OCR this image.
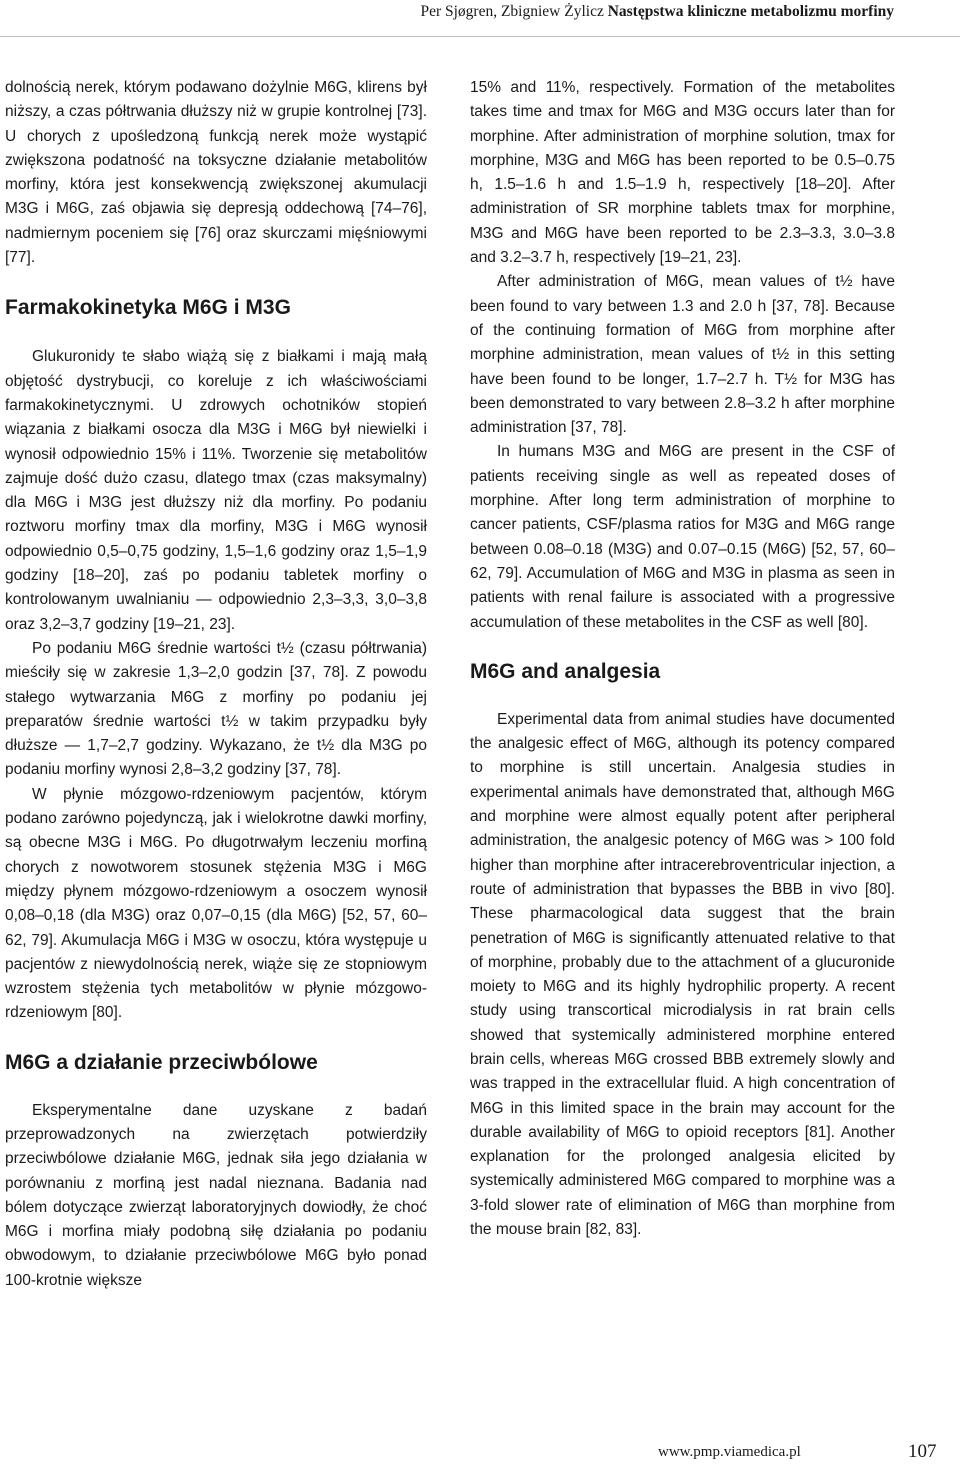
Per Sjøgren, Zbigniew Żylicz Następstwa kliniczne metabolizmu morfiny

dolnością nerek, którym podawano dożylnie M6G, klirens był niższy, a czas półtrwania dłuższy niż w grupie kontrolnej [73]. U chorych z upośledzoną funkcją nerek może wystąpić zwiększona podatność na toksyczne działanie metabolitów morfiny, która jest konsekwencją zwiększonej akumulacji M3G i M6G, zaś objawia się depresją oddechową [74–76], nadmiernym poceniem się [76] oraz skurczami mięśniowymi [77].

Farmakokinetyka M6G i M3G

Glukuronidy te słabo wiążą się z białkami i mają małą objętość dystrybucji, co koreluje z ich właściwościami farmakokinetycznymi. U zdrowych ochotników stopień wiązania z białkami osocza dla M3G i M6G był niewielki i wynosił odpowiednio 15% i 11%. Tworzenie się metabolitów zajmuje dość dużo czasu, dlatego tmax (czas maksymalny) dla M6G i M3G jest dłuższy niż dla morfiny. Po podaniu roztworu morfiny tmax dla morfiny, M3G i M6G wynosił odpowiednio 0,5–0,75 godziny, 1,5–1,6 godziny oraz 1,5–1,9 godziny [18–20], zaś po podaniu tabletek morfiny o kontrolowanym uwalnianiu — odpowiednio 2,3–3,3, 3,0–3,8 oraz 3,2–3,7 godziny [19–21, 23].

Po podaniu M6G średnie wartości t½ (czasu półtrwania) mieściły się w zakresie 1,3–2,0 godzin [37, 78]. Z powodu stałego wytwarzania M6G z morfiny po podaniu jej preparatów średnie wartości t½ w takim przypadku były dłuższe — 1,7–2,7 godziny. Wykazano, że t½ dla M3G po podaniu morfiny wynosi 2,8–3,2 godziny [37, 78].

W płynie mózgowo-rdzeniowym pacjentów, którym podano zarówno pojedynczą, jak i wielokrotne dawki morfiny, są obecne M3G i M6G. Po długotrwałym leczeniu morfiną chorych z nowotworem stosunek stężenia M3G i M6G między płynem mózgowo-rdzeniowym a osoczem wynosił 0,08–0,18 (dla M3G) oraz 0,07–0,15 (dla M6G) [52, 57, 60–62, 79]. Akumulacja M6G i M3G w osoczu, która występuje u pacjentów z niewydolnością nerek, wiąże się ze stopniowym wzrostem stężenia tych metabolitów w płynie mózgowo-rdzeniowym [80].

M6G a działanie przeciwbólowe

Eksperymentalne dane uzyskane z badań przeprowadzonych na zwierzętach potwierdziły przeciwbólowe działanie M6G, jednak siła jego działania w porównaniu z morfiną jest nadal nieznana. Badania nad bólem dotyczące zwierząt laboratoryjnych dowiodły, że choć M6G i morfina miały podobną siłę działania po podaniu obwodowym, to działanie przeciwbólowe M6G było ponad 100-krotnie większe

15% and 11%, respectively. Formation of the metabolites takes time and tmax for M6G and M3G occurs later than for morphine. After administration of morphine solution, tmax for morphine, M3G and M6G has been reported to be 0.5–0.75 h, 1.5–1.6 h and 1.5–1.9 h, respectively [18–20]. After administration of SR morphine tablets tmax for morphine, M3G and M6G have been reported to be 2.3–3.3, 3.0–3.8 and 3.2–3.7 h, respectively [19–21, 23].

After administration of M6G, mean values of t½ have been found to vary between 1.3 and 2.0 h [37, 78]. Because of the continuing formation of M6G from morphine after morphine administration, mean values of t½ in this setting have been found to be longer, 1.7–2.7 h. T½ for M3G has been demonstrated to vary between 2.8–3.2 h after morphine administration [37, 78].

In humans M3G and M6G are present in the CSF of patients receiving single as well as repeated doses of morphine. After long term administration of morphine to cancer patients, CSF/plasma ratios for M3G and M6G range between 0.08–0.18 (M3G) and 0.07–0.15 (M6G) [52, 57, 60–62, 79]. Accumulation of M6G and M3G in plasma as seen in patients with renal failure is associated with a progressive accumulation of these metabolites in the CSF as well [80].

M6G and analgesia

Experimental data from animal studies have documented the analgesic effect of M6G, although its potency compared to morphine is still uncertain. Analgesia studies in experimental animals have demonstrated that, although M6G and morphine were almost equally potent after peripheral administration, the analgesic potency of M6G was > 100 fold higher than morphine after intracerebroventricular injection, a route of administration that bypasses the BBB in vivo [80]. These pharmacological data suggest that the brain penetration of M6G is significantly attenuated relative to that of morphine, probably due to the attachment of a glucuronide moiety to M6G and its highly hydrophilic property. A recent study using transcortical microdialysis in rat brain cells showed that systemically administered morphine entered brain cells, whereas M6G crossed BBB extremely slowly and was trapped in the extracellular fluid. A high concentration of M6G in this limited space in the brain may account for the durable availability of M6G to opioid receptors [81]. Another explanation for the prolonged analgesia elicited by systemically administered M6G compared to morphine was a 3-fold slower rate of elimination of M6G than morphine from the mouse brain [82, 83].

www.pmp.viamedica.pl	107
